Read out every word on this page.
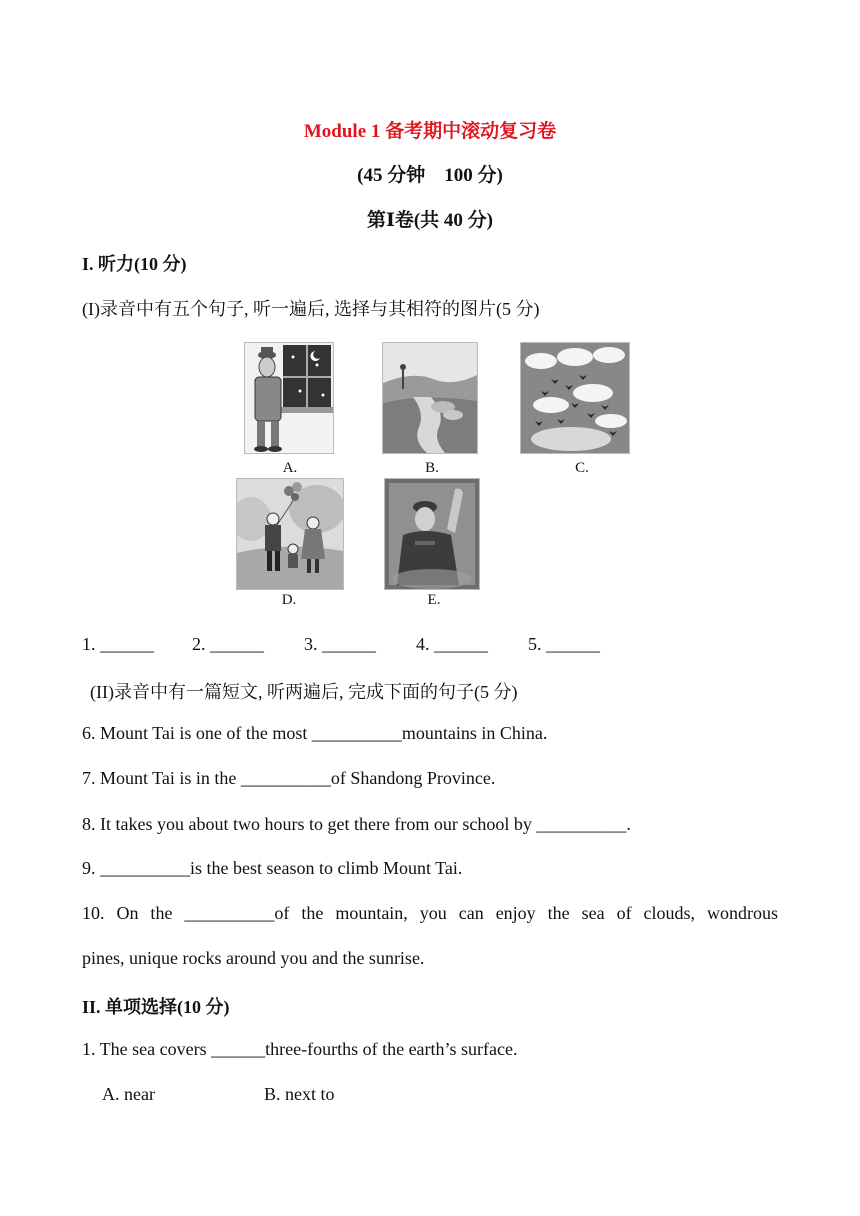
Module 1 备考期中滚动复习卷
(45 分钟　100 分)
第Ⅰ卷(共 40 分)
I. 听力(10 分)
(I)录音中有五个句子, 听一遍后, 选择与其相符的图片(5 分)
A.	B.	C.
D.	E.
1. ______ 2. ______ 3. ______ 4. ______ 5. ______
(II)录音中有一篇短文, 听两遍后, 完成下面的句子(5 分)
6. Mount Tai is one of the most __________mountains in China.
7. Mount Tai is in the __________of Shandong Province.
8. It takes you about two hours to get there from our school by __________.
9. __________is the best season to climb Mount Tai.
10. On the __________of the mountain, you can enjoy the sea of clouds, wondrous
pines, unique rocks around you and the sunrise.
II. 单项选择(10 分)
1. The sea covers ______three-fourths of the earth’s surface.
A. near	B. next to
